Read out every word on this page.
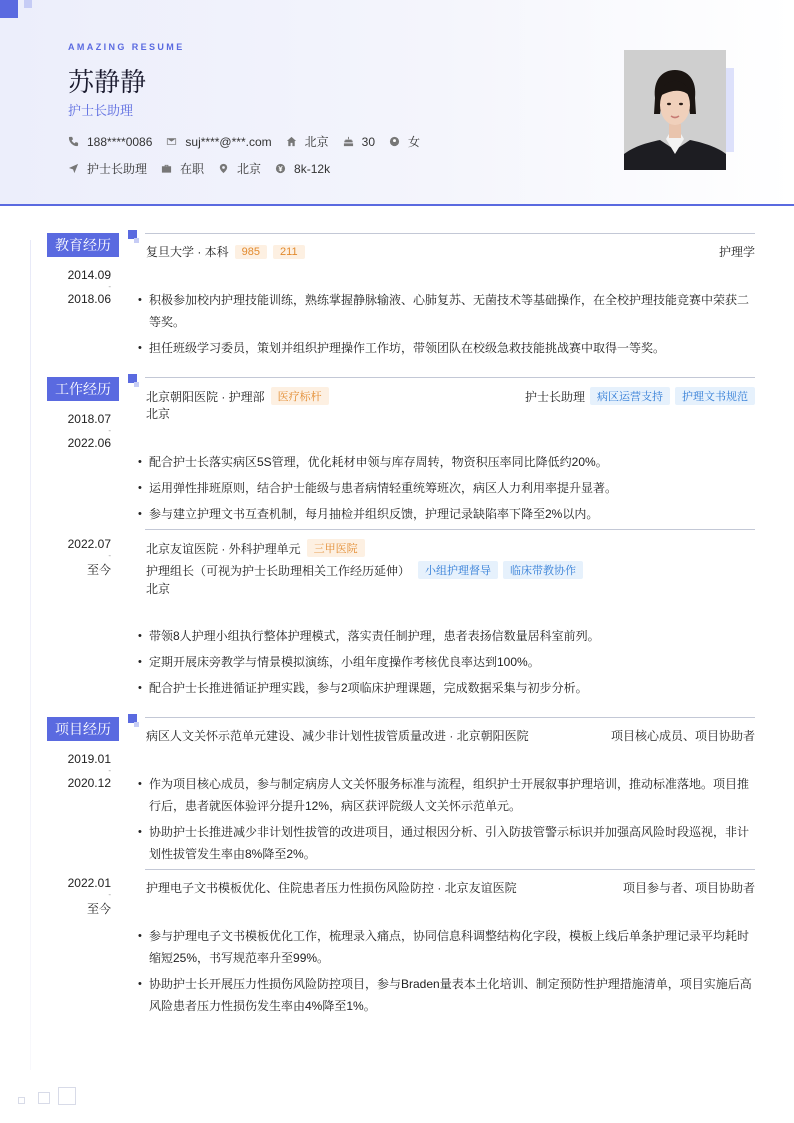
AMAZING RESUME
苏静静
护士长助理
188****0086	suj****@***.com	北京	30	女
护士长助理	在职	北京	8k-12k
教育经历
2014.09
-
2018.06
复旦大学 · 本科	985	211	护理学
• 积极参加校内护理技能训练，熟练掌握静脉输液、心肺复苏、无菌技术等基础操作，在全校护理技能竞赛中荣获二
等奖。
• 担任班级学习委员，策划并组织护理操作工作坊，带领团队在校级急救技能挑战赛中取得一等奖。
工作经历
2018.07
-
2022.06
北京朝阳医院 · 护理部	医疗标杆	护士长助理	病区运营支持	护理文书规范
北京
• 配合护士长落实病区5S管理，优化耗材申领与库存周转，物资积压率同比降低约20%。
• 运用弹性排班原则，结合护士能级与患者病情轻重统筹班次，病区人力利用率提升显著。
• 参与建立护理文书互查机制，每月抽检并组织反馈，护理记录缺陷率下降至2%以内。
2022.07
-
至今
北京友谊医院 · 外科护理单元	三甲医院
护理组长（可视为护士长助理相关工作经历延伸）	小组护理督导	临床带教协作
北京
• 带领8人护理小组执行整体护理模式，落实责任制护理，患者表扬信数量居科室前列。
• 定期开展床旁教学与情景模拟演练，小组年度操作考核优良率达到100%。
• 配合护士长推进循证护理实践，参与2项临床护理课题，完成数据采集与初步分析。
项目经历
2019.01
-
2020.12
病区人文关怀示范单元建设、减少非计划性拔管质量改进 · 北京朝阳医院	项目核心成员、项目协助者
• 作为项目核心成员，参与制定病房人文关怀服务标准与流程，组织护士开展叙事护理培训，推动标准落地。项目推
行后，患者就医体验评分提升12%，病区获评院级人文关怀示范单元。
• 协助护士长推进减少非计划性拔管的改进项目，通过根因分析、引入防拔管警示标识并加强高风险时段巡视，非计
划性拔管发生率由8%降至2%。
2022.01
-
至今
护理电子文书模板优化、住院患者压力性损伤风险防控 · 北京友谊医院	项目参与者、项目协助者
• 参与护理电子文书模板优化工作，梳理录入痛点，协同信息科调整结构化字段，模板上线后单条护理记录平均耗时
缩短25%，书写规范率升至99%。
• 协助护士长开展压力性损伤风险防控项目，参与Braden量表本土化培训、制定预防性护理措施清单，项目实施后高
风险患者压力性损伤发生率由4%降至1%。
